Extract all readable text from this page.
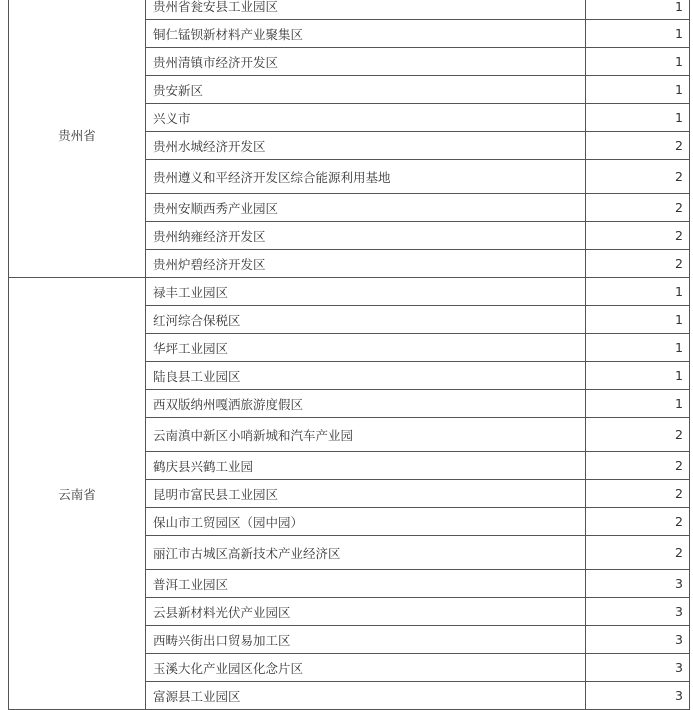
贵州省	贵州省瓮安县工业园区	1
	铜仁锰钡新材料产业聚集区	1
	贵州清镇市经济开发区	1
	贵安新区	1
	兴义市	1
	贵州水城经济开发区	2
	贵州遵义和平经济开发区综合能源利用基地	2
	贵州安顺西秀产业园区	2
	贵州纳雍经济开发区	2
	贵州炉碧经济开发区	2
云南省	禄丰工业园区	1
	红河综合保税区	1
	华坪工业园区	1
	陆良县工业园区	1
	西双版纳州嘎洒旅游度假区	1
	云南滇中新区小哨新城和汽车产业园	2
	鹤庆县兴鹤工业园	2
	昆明市富民县工业园区	2
	保山市工贸园区（园中园）	2
	丽江市古城区高新技术产业经济区	2
	普洱工业园区	3
	云县新材料光伏产业园区	3
	西畴兴街出口贸易加工区	3
	玉溪大化产业园区化念片区	3
	富源县工业园区	3
